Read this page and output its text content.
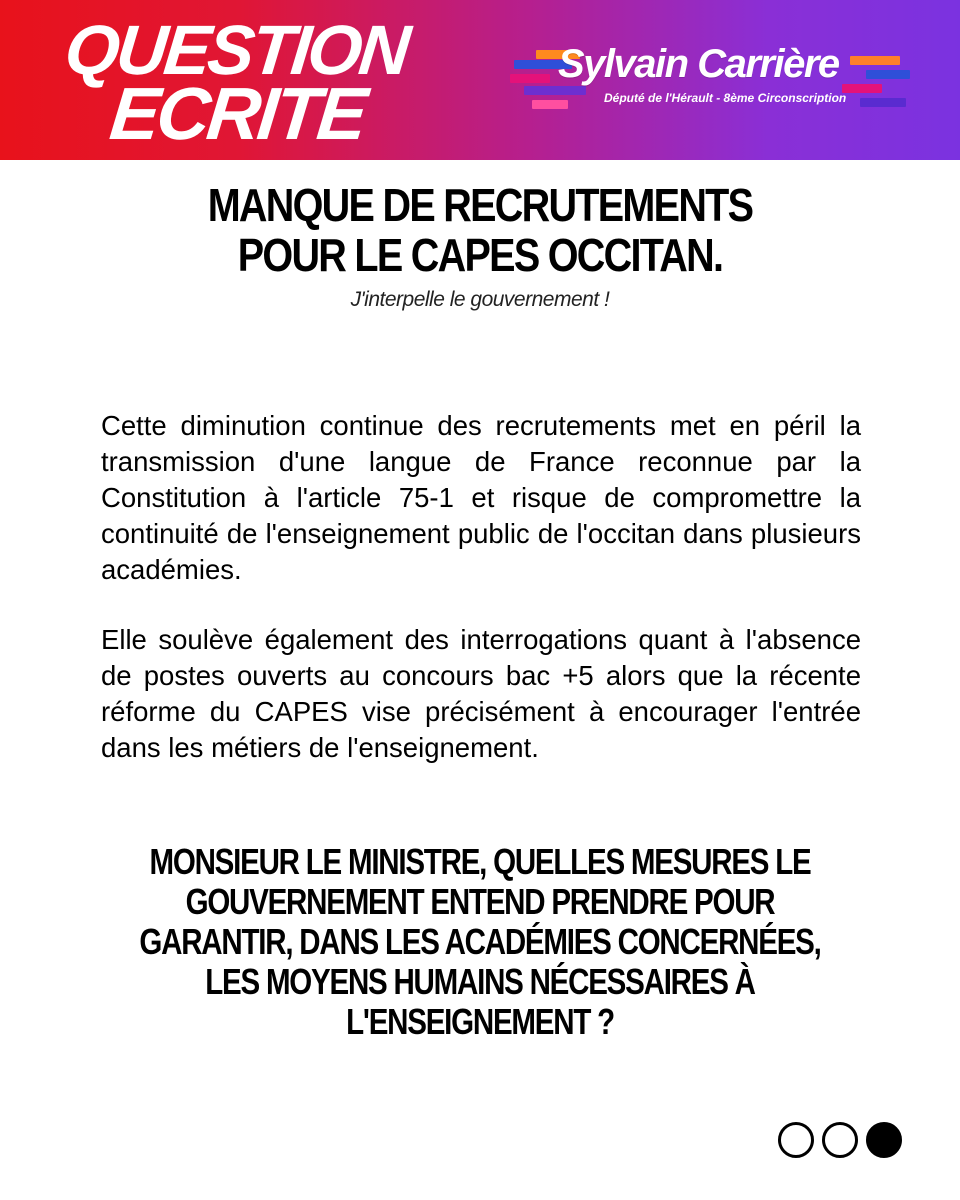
QUESTION
ECRITE
Sylvain Carrière
Député de l'Hérault - 8ème Circonscription
MANQUE DE RECRUTEMENTS
POUR LE CAPES OCCITAN.
J'interpelle le gouvernement !

Cette diminution continue des recrutements met en péril la transmission d'une langue de France reconnue par la Constitution à l'article 75-1 et risque de compromettre la continuité de l'enseignement public de l'occitan dans plusieurs académies.

Elle soulève également des interrogations quant à l'absence de postes ouverts au concours bac +5 alors que la récente réforme du CAPES vise précisément à encourager l'entrée dans les métiers de l'enseignement.

MONSIEUR LE MINISTRE, QUELLES MESURES LE
GOUVERNEMENT ENTEND PRENDRE POUR
GARANTIR, DANS LES ACADÉMIES CONCERNÉES,
LES MOYENS HUMAINS NÉCESSAIRES À
L'ENSEIGNEMENT ?
